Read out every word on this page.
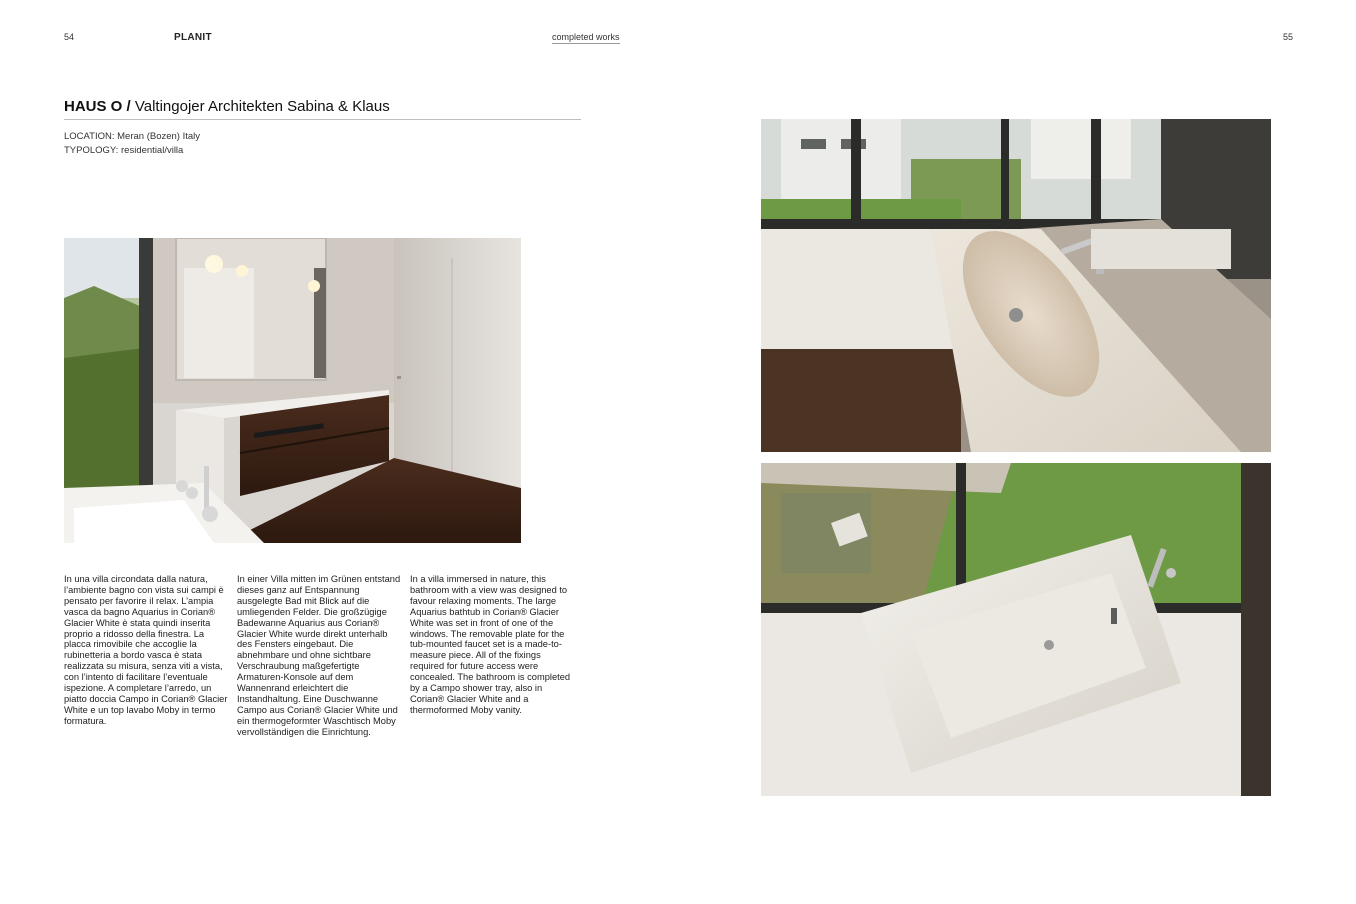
54	PLANIT	completed works	55
HAUS O / Valtingojer Architekten Sabina & Klaus
LOCATION: Meran (Bozen) Italy
TYPOLOGY: residential/villa
In una villa circondata dalla natura, l’ambiente bagno con vista sui campi è pensato per favorire il relax. L’ampia vasca da bagno Aquarius in Corian® Glacier White è stata quindi inserita proprio a ridosso della finestra. La placca rimovibile che accoglie la rubinetteria a bordo vasca è stata realizzata su misura, senza viti a vista, con l’intento di facilitare l’eventuale ispezione. A completare l’arredo, un piatto doccia Campo in Corian® Glacier White e un top lavabo Moby in termo formatura.
In einer Villa mitten im Grünen entstand dieses ganz auf Entspannung ausgelegte Bad mit Blick auf die umliegenden Felder. Die großzügige Badewanne Aquarius aus Corian® Glacier White wurde direkt unterhalb des Fensters eingebaut. Die abnehmbare und ohne sichtbare Verschraubung maßgefertigte Armaturen-Konsole auf dem Wannenrand erleichtert die Instandhaltung. Eine Duschwanne Campo aus Corian® Glacier White und ein thermogeformter Waschtisch Moby vervollständigen die Einrichtung.
In a villa immersed in nature, this bathroom with a view was designed to favour relaxing moments. The large Aquarius bathtub in Corian® Glacier White was set in front of one of the windows. The removable plate for the tub-mounted faucet set is a made-to-measure piece. All of the fixings required for future access were concealed. The bathroom is completed by a Campo shower tray, also in Corian® Glacier White and a thermoformed Moby vanity.
